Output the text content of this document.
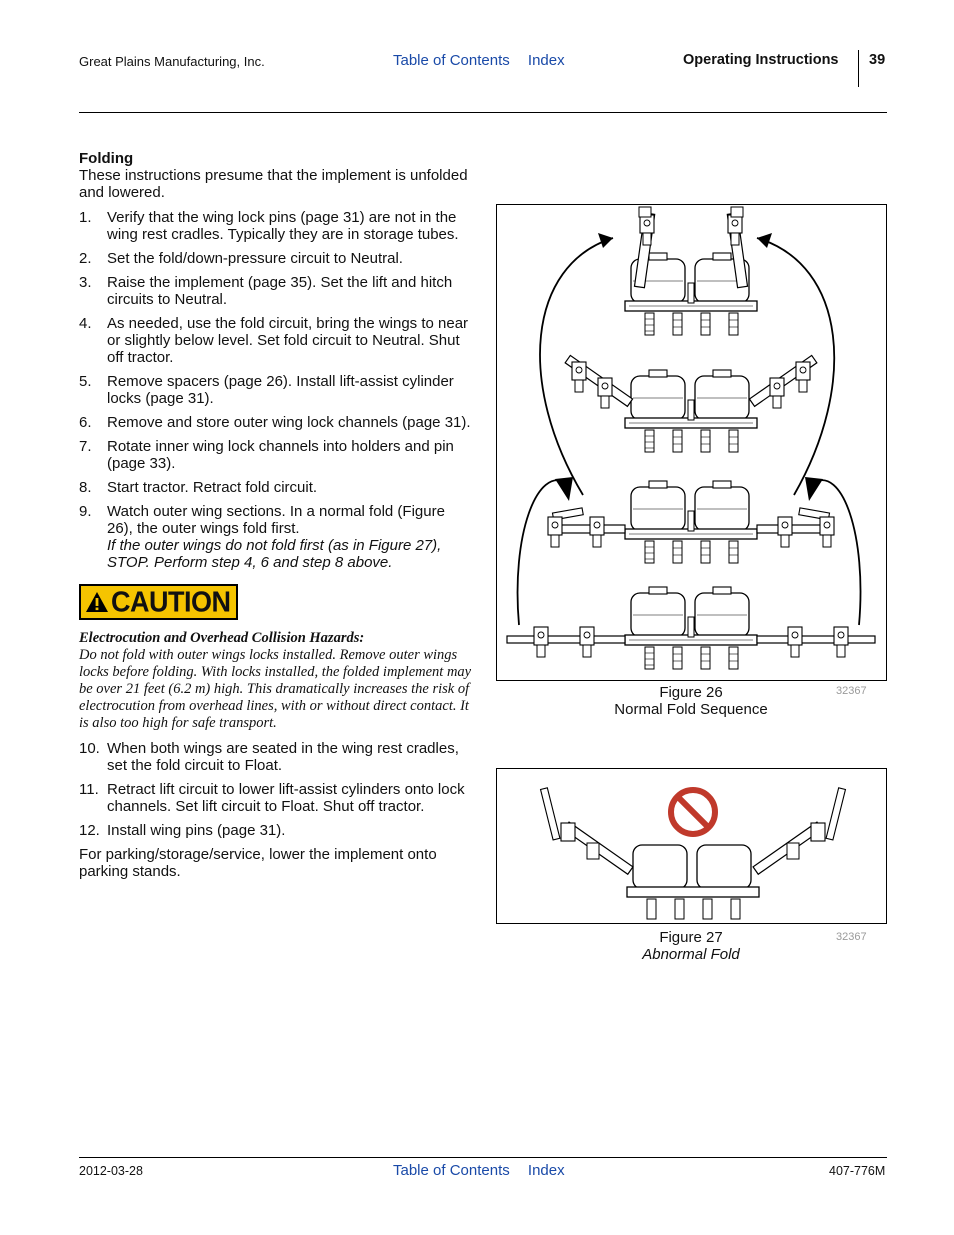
Great Plains Manufacturing, Inc.	Table of Contents Index	Operating Instructions 39

Folding

These instructions presume that the implement is unfolded and lowered.

1.	Verify that the wing lock pins (page 31) are not in the wing rest cradles. Typically they are in storage tubes.
2.	Set the fold/down-pressure circuit to Neutral.
3.	Raise the implement (page 35). Set the lift and hitch circuits to Neutral.
4.	As needed, use the fold circuit, bring the wings to near or slightly below level. Set fold circuit to Neutral. Shut off tractor.
5.	Remove spacers (page 26). Install lift-assist cylinder locks (page 31).
6.	Remove and store outer wing lock channels (page 31).
7.	Rotate inner wing lock channels into holders and pin (page 33).
8.	Start tractor. Retract fold circuit.
9.	Watch outer wing sections. In a normal fold (Figure 26), the outer wings fold first.
If the outer wings do not fold first (as in Figure 27), STOP. Perform step 4, 6 and step 8 above.
CAUTION

Electrocution and Overhead Collision Hazards:

Do not fold with outer wings locks installed. Remove outer wings locks before folding. With locks installed, the folded implement may be over 21 feet (6.2 m) high. This dramatically increases the risk of electrocution from overhead lines, with or without direct contact. It is also too high for safe transport.

10. When both wings are seated in the wing rest cradles, set the fold circuit to Float.
11. Retract lift circuit to lower lift-assist cylinders onto lock channels. Set lift circuit to Float. Shut off tractor.
12. Install wing pins (page 31).

For parking/storage/service, lower the implement onto parking stands.

Figure 26
Normal Fold Sequence
32367
Figure 27
Abnormal Fold
32367
2012-03-28	Table of Contents Index	407-776M
